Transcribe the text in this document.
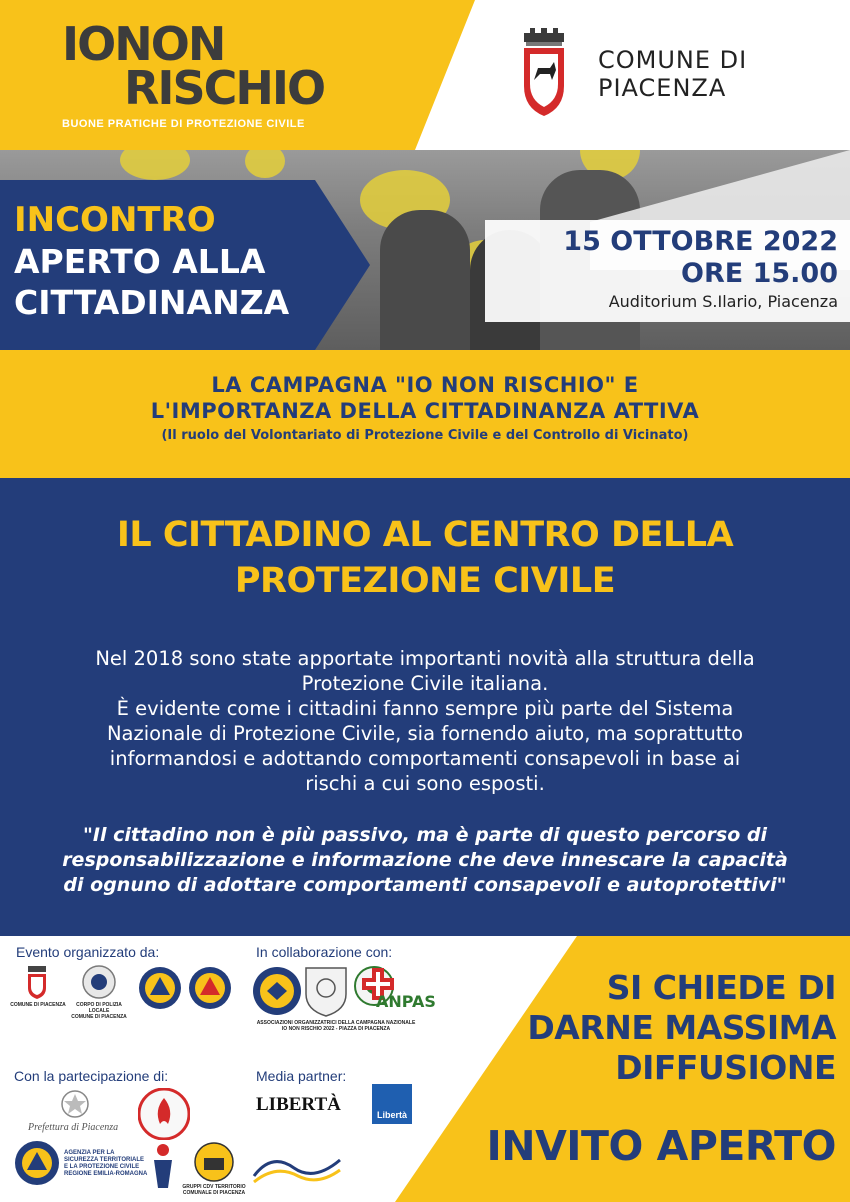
IONON
RISCHIO
BUONE PRATICHE DI PROTEZIONE CIVILE
COMUNE DI
PIACENZA
INCONTRO
APERTO ALLA
CITTADINANZA
15 OTTOBRE 2022
ORE 15.00
Auditorium S.Ilario, Piacenza
LA CAMPAGNA "IO NON RISCHIO" E
L'IMPORTANZA DELLA CITTADINANZA ATTIVA
(Il ruolo del Volontariato di Protezione Civile e del Controllo di Vicinato)
IL CITTADINO AL CENTRO DELLA
PROTEZIONE CIVILE
Nel 2018 sono state apportate importanti novità alla struttura della
Protezione Civile italiana.
È evidente come i cittadini fanno sempre più parte del Sistema
Nazionale di Protezione Civile, sia fornendo aiuto, ma soprattutto
informandosi e adottando comportamenti consapevoli in base ai
rischi a cui sono esposti.
"Il cittadino non è più passivo, ma è parte di questo percorso di
responsabilizzazione e informazione che deve innescare la capacità
di ognuno di adottare comportamenti consapevoli e autoprotettivi"
Evento organizzato da:	In collaborazione con:
Con la partecipazione di:	Media partner:
COMUNE DI PIACENZA	CORPO DI POLIZIA LOCALE
COMUNE DI PIACENZA
ANPAS
ASSOCIAZIONI ORGANIZZATRICI DELLA CAMPAGNA NAZIONALE
IO NON RISCHIO 2022 - PIAZZA DI PIACENZA
Prefettura di Piacenza
AGENZIA PER LA
SICUREZZA TERRITORIALE
E LA PROTEZIONE CIVILE
REGIONE EMILIA-ROMAGNA
GRUPPI CDV TERRITORIO
COMUNALE DI PIACENZA
LIBERTÀ	Libertà
SI CHIEDE DI
DARNE MASSIMA
DIFFUSIONE
INVITO APERTO
